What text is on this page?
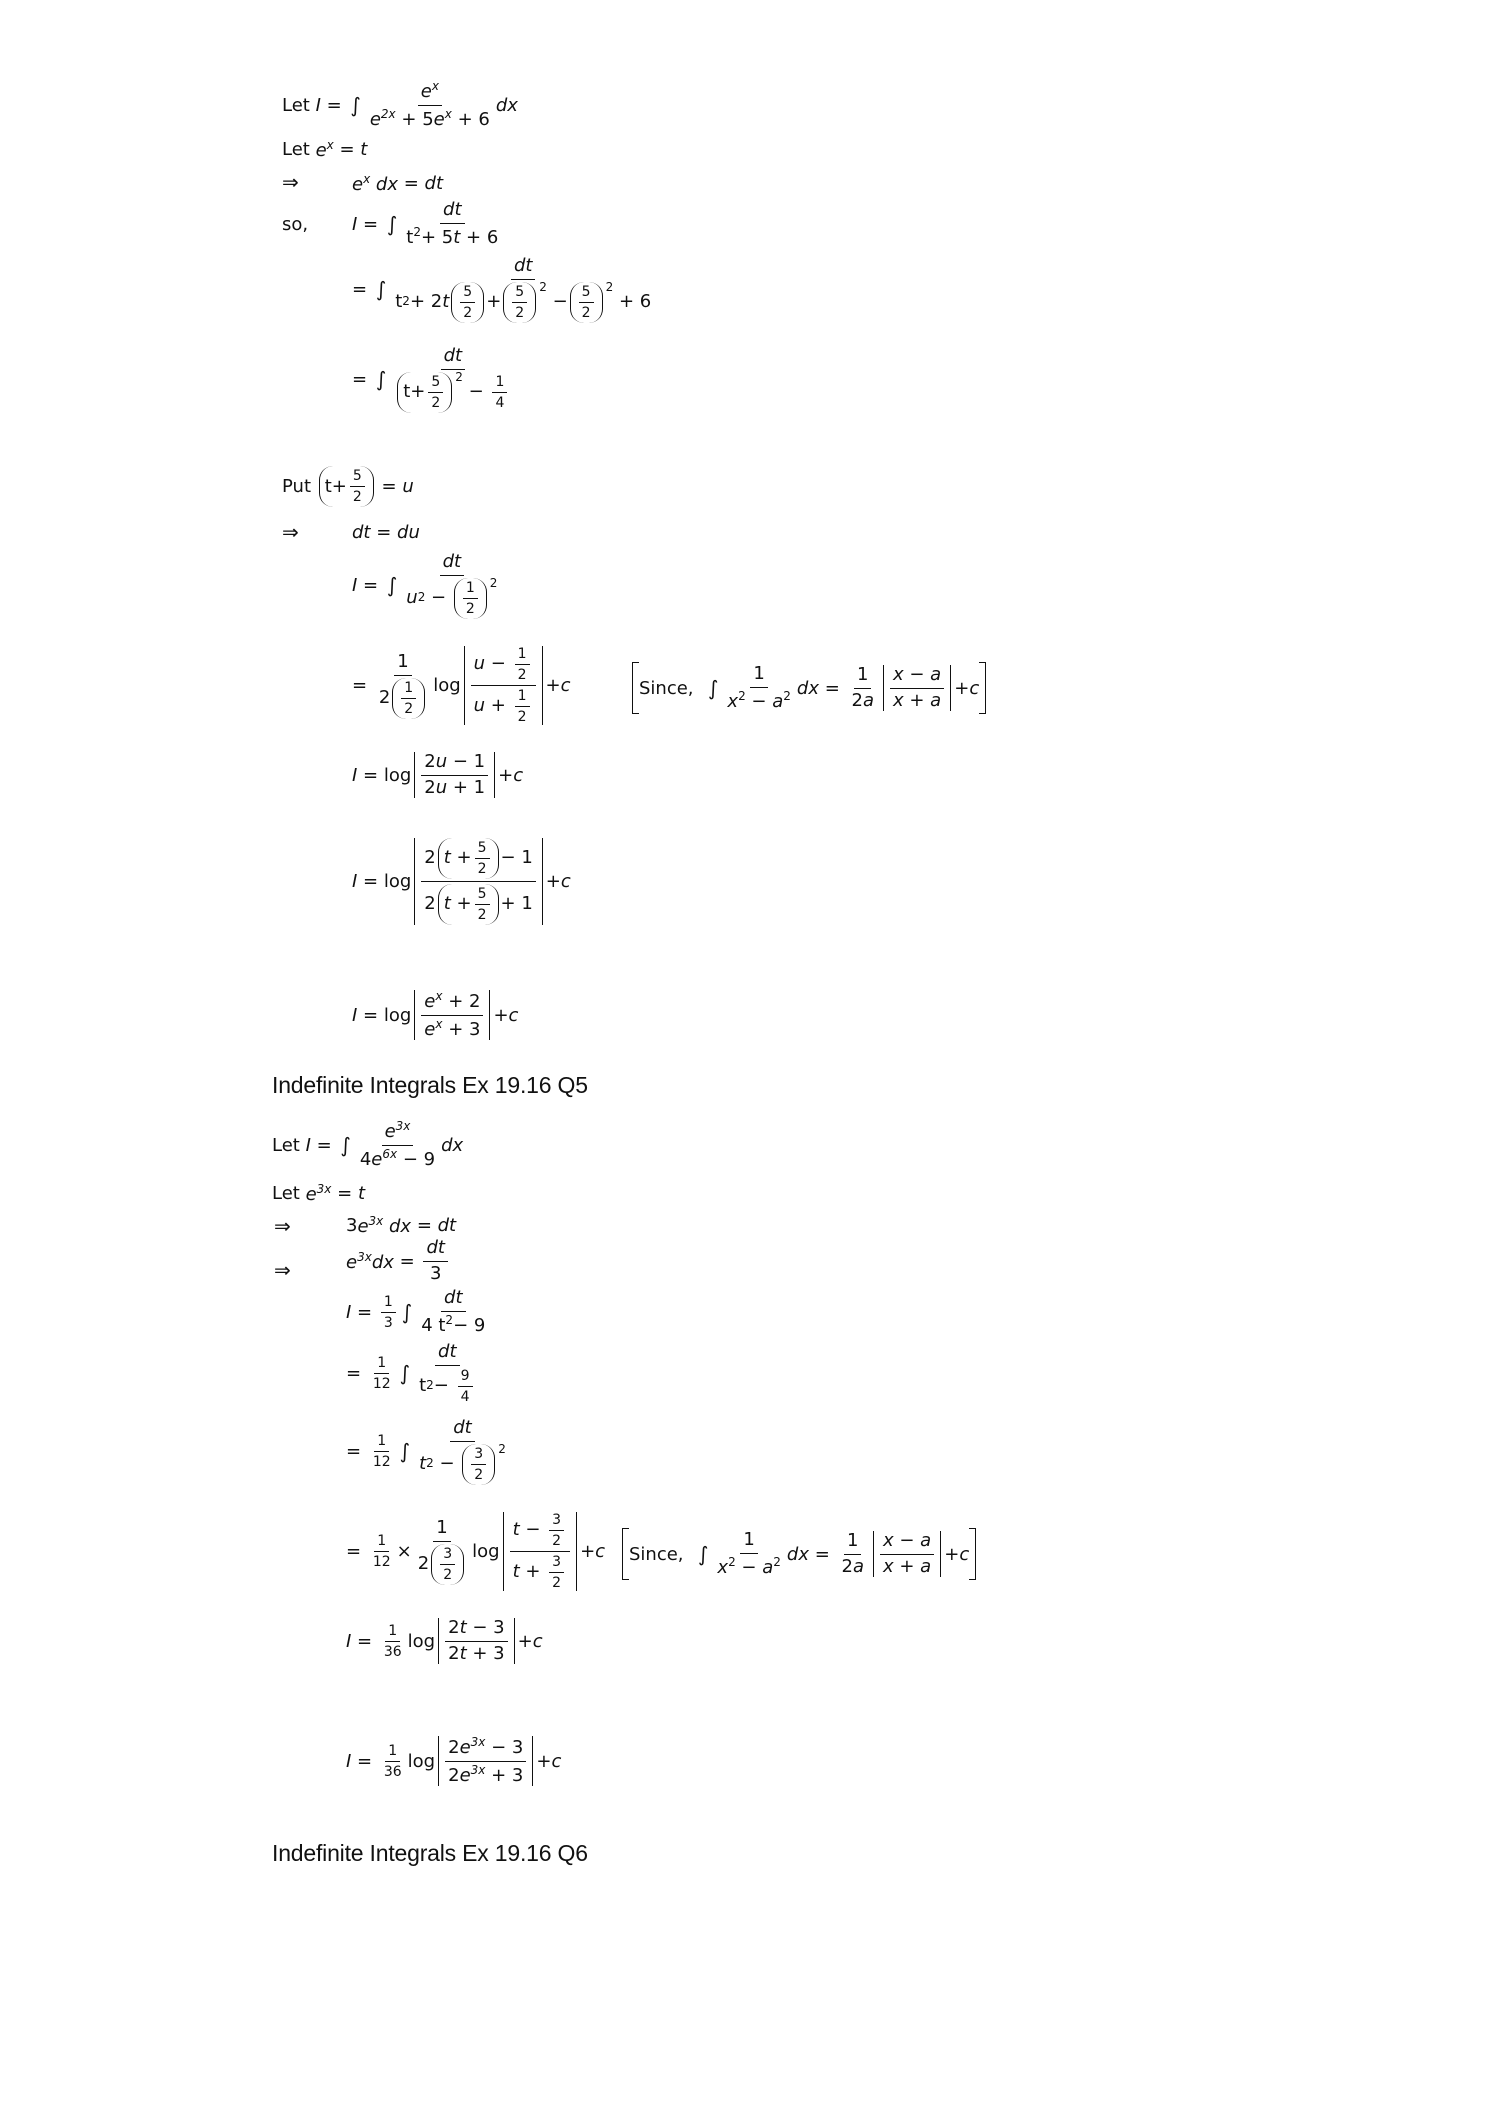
Let
I = ∫ $\frac{e^x}{e^{2x} + 5e^x + 6}$ dx
Let
$e^x = t$
⇒	$e^x$ dx = dt
so, I = ∫ $\frac{dt}{t^2+ 5t + 6}$
= ∫
dt
t 2 + 2 t $\frac{5}{2} + \frac{5}{2} 2$
− $\frac{5}{2} 2$
+ 6
= ∫ dt
$t+ \frac{5}{2} 2$
− $\frac{1}{4}$
Put
$t+ \frac{5}{2} = u$
⇒	dt = du
I = ∫ $\frac{dt}{u 2 - \frac{1}{2} 2}$
= $\frac{1}{2 \frac{1}{2}}$ $\log \frac{u - \frac{1}{2}}{u + \frac{1}{2}} + c$	Since,
∫ $\frac{1}{x^2 - a^2}$ dx = $\frac{1}{2a} \frac{x - a}{x + a} + c$
$I = \log \frac{2u - 1}{2u + 1} + c$
$I = \log \frac{2 t + \frac{5}{2} - 1}{2 t + \frac{5}{2} + 1} + c$
$I = \log \frac{e^x + 2}{e^x + 3} + c$
Indefinite Integrals Ex 19.16 Q5
Let
I = ∫ $\frac{e^{3x}}{4e^{6x} - 9}$ dx
Let
$e^{3x} = t$
⇒	3 $e^{3x}$ dx = dt
⇒	$e^{3x}dx = \frac{dt}{3}$
$I = \frac{1}{3}$ ∫ $\frac{dt}{4 t^2- 9}$
= $\frac{1}{12}$ ∫ $\frac{dt}{t 2 - \frac{9}{4}}$
= $\frac{1}{12}$ ∫ $\frac{dt}{t 2 - \frac{3}{2} 2}$
= $\frac{1}{12} \times \frac{1}{2 \frac{3}{2}}$ $\log \frac{t - \frac{3}{2}}{t + \frac{3}{2}} + c$ Since,
∫ $\frac{1}{x^2 - a^2}$ dx = $\frac{1}{2a} \frac{x - a}{x + a} + c$
$I = \frac{1}{36}$ $\log \frac{2t - 3}{2t + 3} + c$
$I = \frac{1}{36}$ $\log \frac{2e^{3x} - 3}{2e^{3x} + 3} + c$
Indefinite Integrals Ex 19.16 Q6
